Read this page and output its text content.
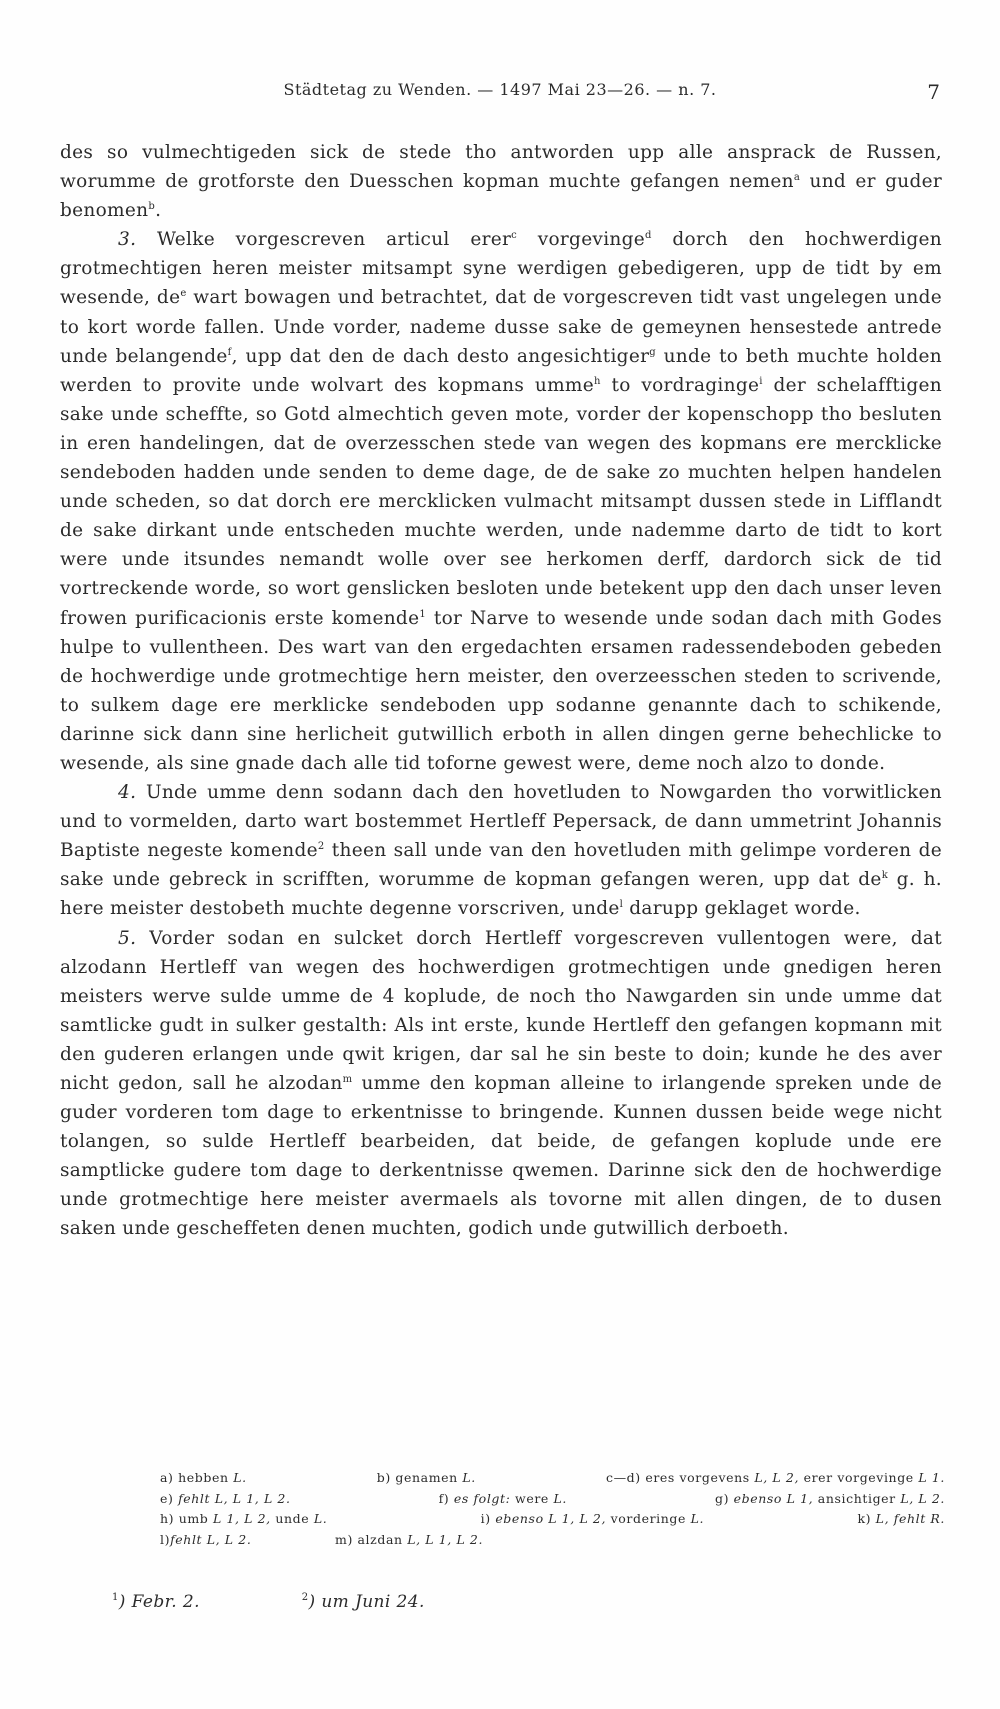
Städtetag zu Wenden. — 1497 Mai 23—26. — n. 7.	7

des so vulmechtigeden sick de stede tho antworden upp alle ansprack de Russen, worumme de grotforste den Duesschen kopman muchte gefangen nemen$^a$ und er guder benomen$^b$.

3. Welke vorgescreven articul erer$^c$ vorgevinge$^d$ dorch den hochwerdigen grotmechtigen heren meister mitsampt syne werdigen gebedigeren, upp de tidt by em wesende, $de^e$ wart bowagen und betrachtet, dat de vorgescreven tidt vast ungelegen unde to kort worde fallen. Unde vorder, nademe dusse sake de gemeynen hensestede antrede unde belangende$^f$, upp dat den de dach desto angesichtiger$^g$ unde to beth muchte holden werden to provite unde wolvart des kopmans umme$^h$ to vordraginge$^i$ der schelafftigen sake unde scheffte, so Gotd almechtich geven mote, vorder der kopenschopp tho besluten in eren handelingen, dat de overzesschen stede van wegen des kopmans ere mercklicke sendeboden hadden unde senden to deme dage, de de sake zo muchten helpen handelen unde scheden, so dat dorch ere mercklicken vulmacht mitsampt dussen stede in Lifflandt de sake dirkant unde entscheden muchte werden, unde nademme darto de tidt to kort were unde itsundes nemandt wolle over see herkomen derff, dardorch sick de tid vortreckende worde, so wort genslicken besloten unde betekent upp den dach unser leven frowen purificacionis erste komende$^1$ tor Narve to wesende unde sodan dach mith Godes hulpe to vullentheen. Des wart van den ergedachten ersamen radessendeboden gebeden de hochwerdige unde grotmechtige hern meister, den overzeesschen steden to scrivende, to sulkem dage ere merklicke sendeboden upp sodanne genannte dach to schikende, darinne sick dann sine herlicheit gutwillich erboth in allen dingen gerne behechlicke to wesende, als sine gnade dach alle tid toforne gewest were, deme noch alzo to donde.

4. Unde umme denn sodann dach den hovetluden to Nowgarden tho vorwitlicken und to vormelden, darto wart bostemmet Hertleff Pepersack, de dann ummetrint Johannis Baptiste negeste komende$^2$ theen sall unde van den hovetluden mith gelimpe vorderen de sake unde gebreck in scrifften, worumme de kopman gefangen weren, upp dat $de^k$ g. h. here meister destobeth muchte degenne vorscriven, unde$^l$ darupp geklaget worde.

5. Vorder sodan en sulcket dorch Hertleff vorgescreven vullentogen were, dat alzodann Hertleff van wegen des hochwerdigen grotmechtigen unde gnedigen heren meisters werve sulde umme de 4 koplude, de noch tho Nawgarden sin unde umme dat samtlicke gudt in sulker gestalth: Als int erste, kunde Hertleff den gefangen kopmann mit den guderen erlangen unde qwit krigen, dar sal he sin beste to doin; kunde he des aver nicht gedon, sall he alzodan$^m$ umme den kopman alleine to irlangende spreken unde de guder vorderen tom dage to erkentnisse to bringende. Kunnen dussen beide wege nicht tolangen, so sulde Hertleff bearbeiden, dat beide, de gefangen koplude unde ere samptlicke gudere tom dage to derkentnisse qwemen. Darinne sick den de hochwerdige unde grotmechtige here meister avermaels als tovorne mit allen dingen, de to dusen saken unde gescheffeten denen muchten, godich unde gutwillich derboeth.

a) hebben L.	b) genamen L.	c—d) eres vorgevens L, L 2, erer vorgevinge L 1.
e) fehlt L, L 1, L 2.	f) es folgt: were L.	g) ebenso L 1, ansichtiger L, L 2.
h) umb L 1, L 2, unde L.	i) ebenso L 1, L 2, vorderinge L.	k) L, fehlt R.
l)fehlt L, L 2.	m) alzdan L, L 1, L 2.
$^1$) Febr. 2.	$^2$) um Juni 24.
